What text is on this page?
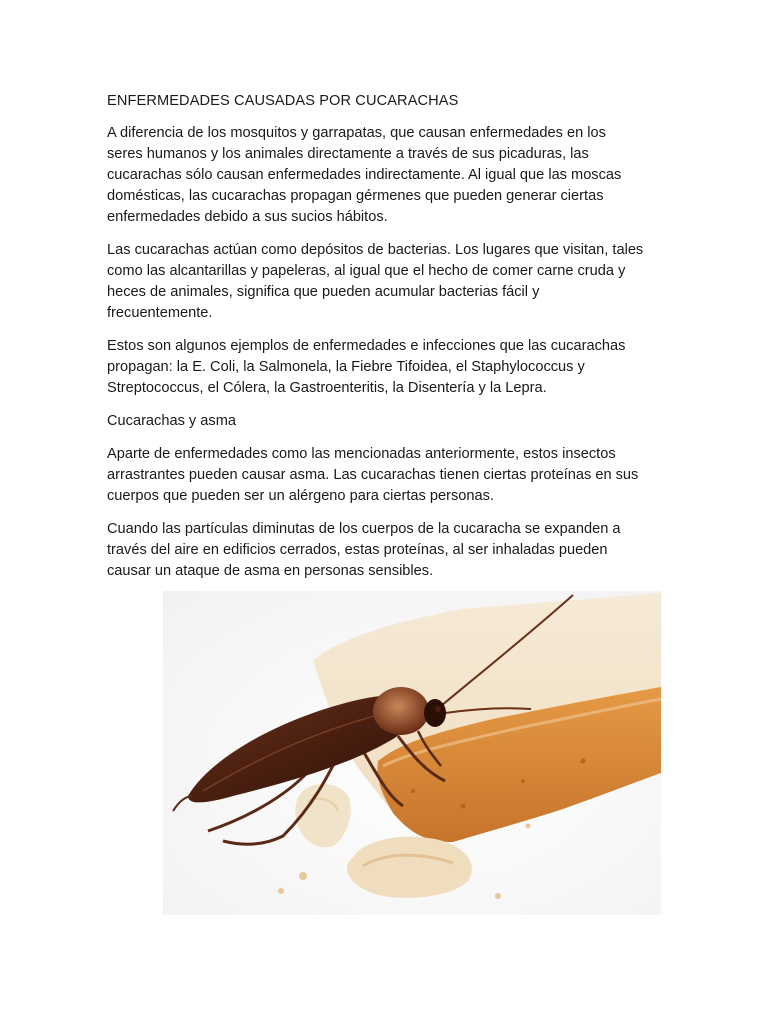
ENFERMEDADES CAUSADAS POR CUCARACHAS

A diferencia de los mosquitos y garrapatas, que causan enfermedades en los
seres humanos y los animales directamente a través de sus picaduras, las
cucarachas sólo causan enfermedades indirectamente. Al igual que las moscas
domésticas, las cucarachas propagan gérmenes que pueden generar ciertas
enfermedades debido a sus sucios hábitos.

Las cucarachas actúan como depósitos de bacterias. Los lugares que visitan, tales
como las alcantarillas y papeleras, al igual que el hecho de comer carne cruda y
heces de animales, significa que pueden acumular bacterias fácil y
frecuentemente.

Estos son algunos ejemplos de enfermedades e infecciones que las cucarachas
propagan: la E. Coli, la Salmonela, la Fiebre Tifoidea, el Staphylococcus y
Streptococcus, el Cólera, la Gastroenteritis, la Disentería y la Lepra.

Cucarachas y asma

Aparte de enfermedades como las mencionadas anteriormente, estos insectos
arrastrantes pueden causar asma. Las cucarachas tienen ciertas proteínas en sus
cuerpos que pueden ser un alérgeno para ciertas personas.

Cuando las partículas diminutas de los cuerpos de la cucaracha se expanden a
través del aire en edificios cerrados, estas proteínas, al ser inhaladas pueden
causar un ataque de asma en personas sensibles.
